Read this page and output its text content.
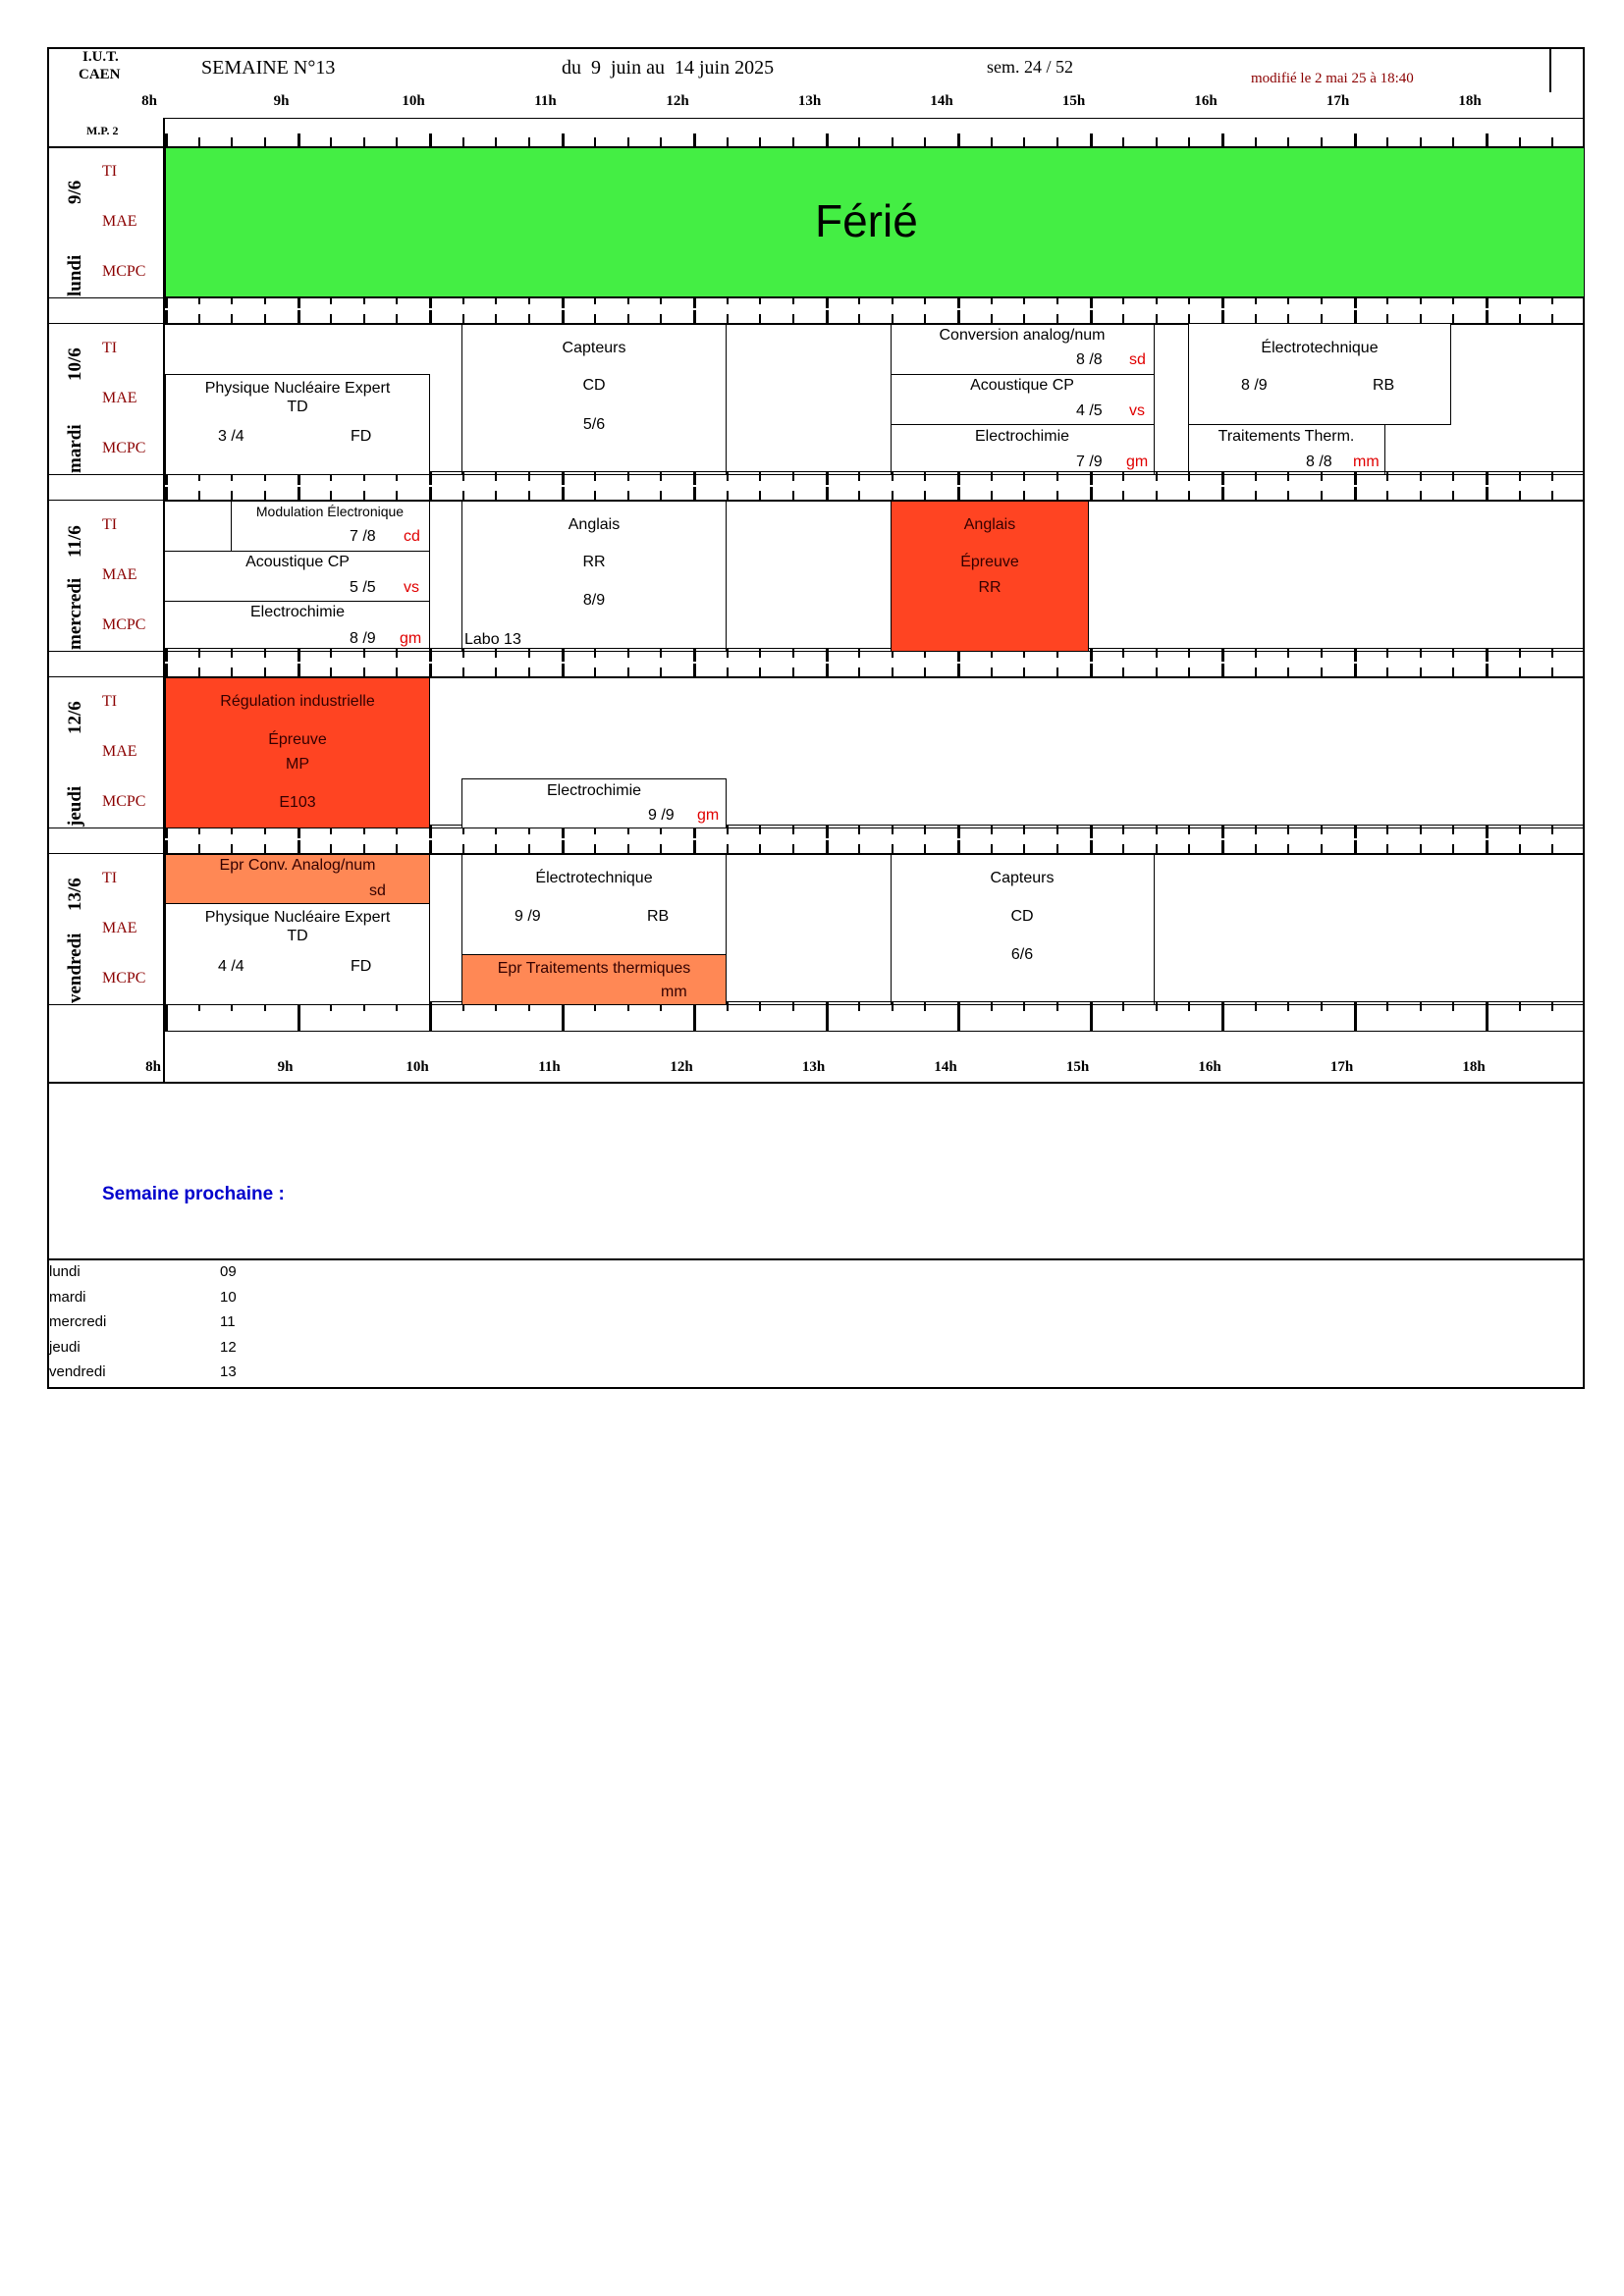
I.U.T.
CAEN	SEMAINE N°13	du  9  juin au  14 juin 2025	sem. 24 / 52
modifié le 2 mai 25 à 18:40
M.P. 2
8h
8h
9h
9h
10h
10h
11h
11h
12h
12h
13h
13h
14h
14h
15h
15h
16h
16h
17h
17h
18h
18h
TI
MAE
MCPC
9/6
lundi
TI
MAE
MCPC
10/6
mardi
TI
MAE
MCPC
11/6
mercredi
TI
MAE
MCPC
12/6
jeudi
TI
MAE
MCPC
13/6
vendredi
Férié
Physique Nucléaire Expert
TD
3 /4	FD
Capteurs
CD
5/6
Conversion analog/num
8 /8 sd
Acoustique CP
4 /5 vs
Electrochimie
7 /9 gm
Électrotechnique
8 /9	RB
Traitements Therm.
8 /8 mm
Modulation Électronique
7 /8 cd
Acoustique CP
5 /5 vs
Electrochimie
8 /9 gm
Anglais
RR
8/9
Labo 13
Anglais
Épreuve
RR
Régulation industrielle
Épreuve
MP
E103
Electrochimie
9 /9 gm
Epr Conv. Analog/num
sd
Physique Nucléaire Expert
TD
4 /4	FD
Électrotechnique
9 /9	RB
Epr Traitements thermiques
mm
Capteurs
CD
6/6
Semaine prochaine :
lundi	09
mardi	10
mercredi	11
jeudi	12
vendredi	13
